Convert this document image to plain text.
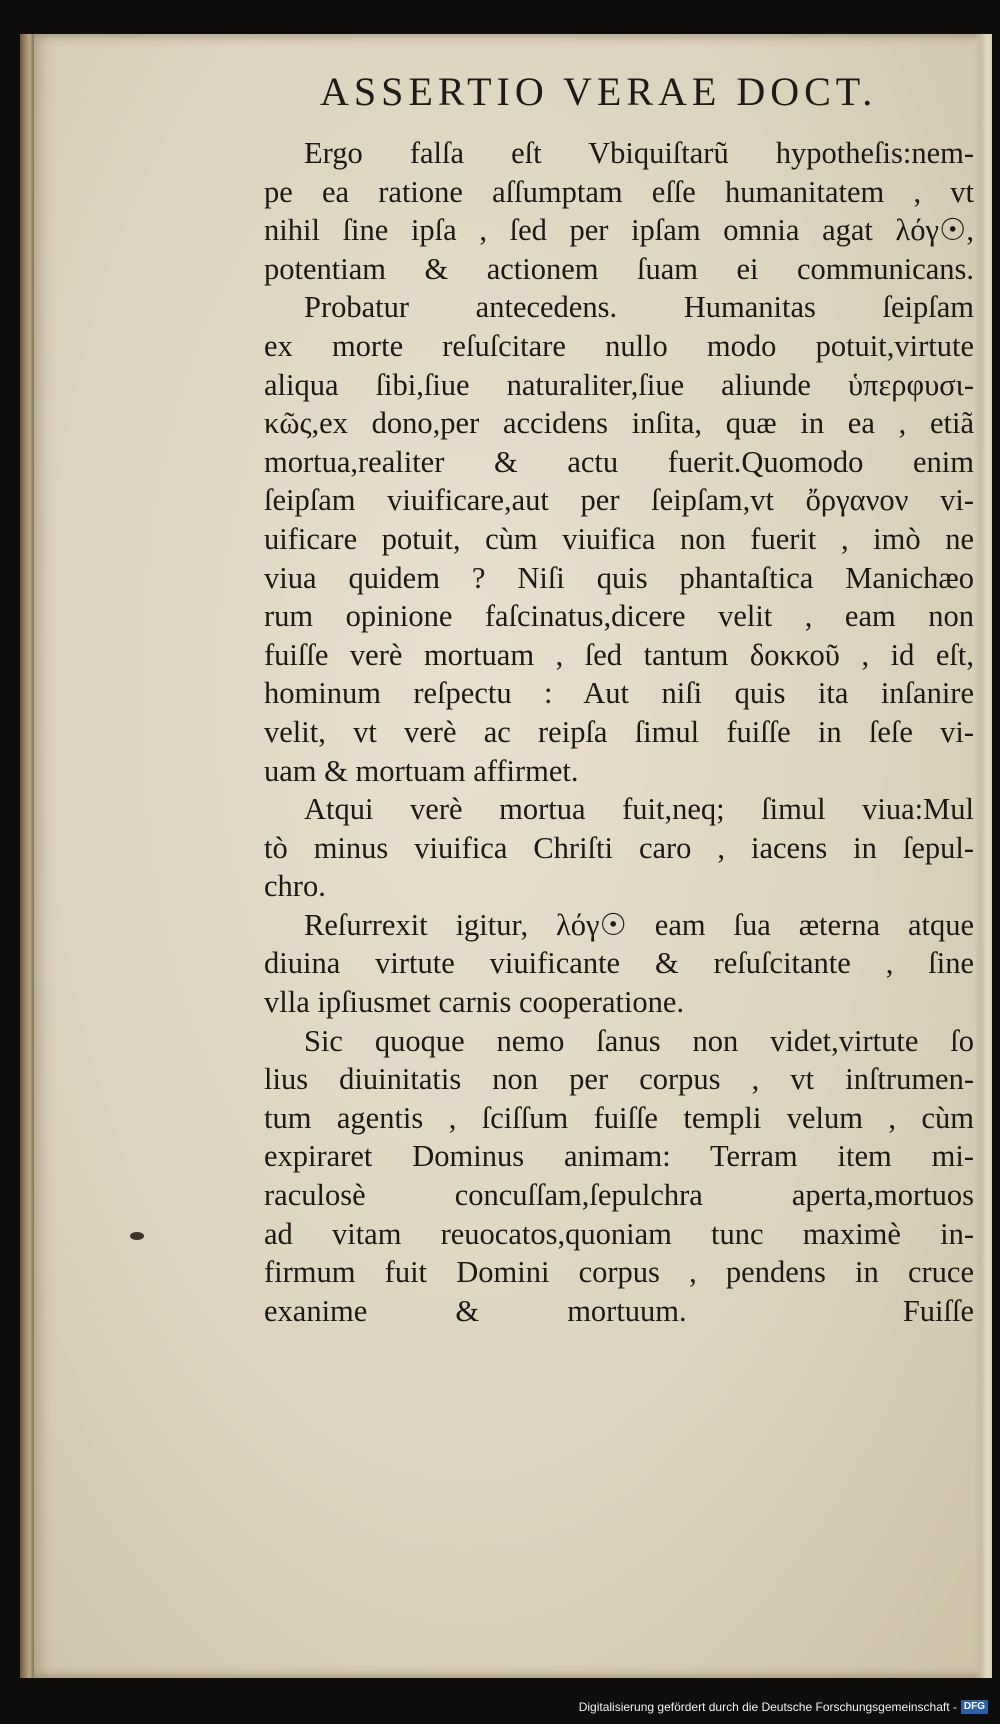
ASSERTIO VERAE DOCT.
Ergo falſa eſt Vbiquiſtarũ hypotheſis:nem-
pe ea ratione aſſumptam eſſe humanitatem , vt
nihil ſine ipſa , ſed per ipſam omnia agat λόγ☉,
potentiam & actionem ſuam ei communicans.
Probatur antecedens. Humanitas ſeipſam
ex morte reſuſcitare nullo modo potuit,virtute
aliqua ſibi,ſiue naturaliter,ſiue aliunde ὑπερφυσι-
κῶς,ex dono,per accidens inſita, quæ in ea , etiã
mortua,realiter & actu fuerit.Quomodo enim
ſeipſam viuificare,aut per ſeipſam,vt ὄργανον vi-
uificare potuit, cùm viuifica non fuerit , imò ne
viua quidem ? Niſi quis phantaſtica Manichæo
rum opinione faſcinatus,dicere velit , eam non
fuiſſe verè mortuam , ſed tantum δοκκοῦ , id eſt,
hominum reſpectu : Aut niſi quis ita inſanire
velit, vt verè ac reipſa ſimul fuiſſe in ſeſe vi-
uam & mortuam affirmet.
Atqui verè mortua fuit,neq; ſimul viua:Mul
tò minus viuifica Chriſti caro , iacens in ſepul-
chro.
Reſurrexit igitur, λόγ☉ eam ſua æterna atque
diuina virtute viuificante & reſuſcitante , ſine
vlla ipſiusmet carnis cooperatione.
Sic quoque nemo ſanus non videt,virtute ſo
lius diuinitatis non per corpus , vt inſtrumen-
tum agentis , ſciſſum fuiſſe templi velum , cùm
expiraret Dominus animam: Terram item mi-
raculosè concuſſam,ſepulchra aperta,mortuos
ad vitam reuocatos,quoniam tunc maximè in-
firmum fuit Domini corpus , pendens in cruce
exanime & mortuum.	Fuiſſe
Digitalisierung gefördert durch die Deutsche Forschungsgemeinschaft - DFG
